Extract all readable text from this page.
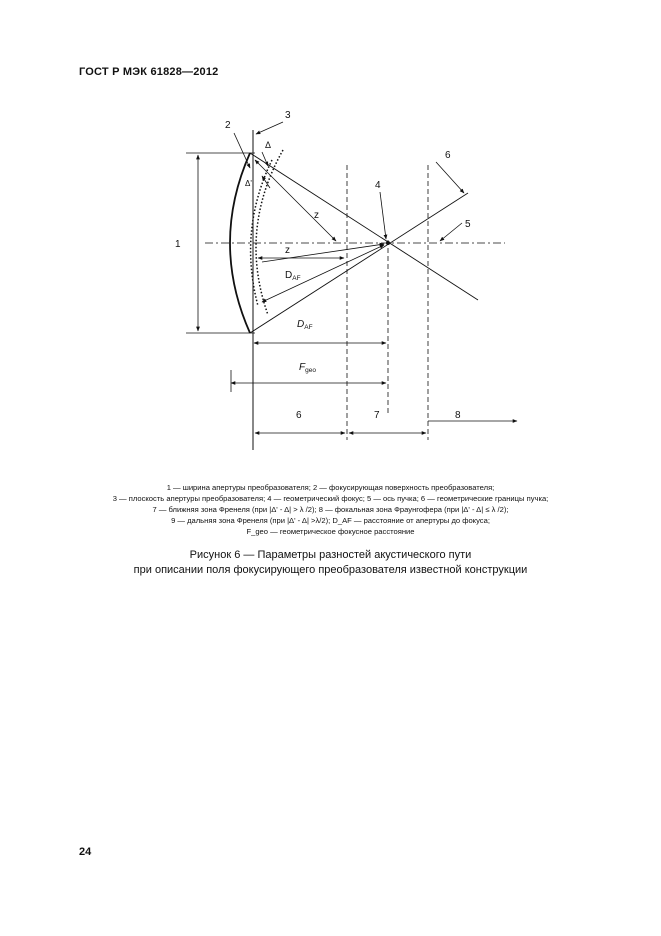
ГОСТ Р МЭК 61828—2012
1
2
3
4
5
6
Δ
Δ'
z
z
$D_{AF}$
$D_{AF}$
$F_{geo}$
6	7	8
1 — ширина апертуры преобразователя; 2 — фокусирующая поверхность преобразователя;
3 — плоскость апертуры преобразователя; 4 — геометрический фокус; 5 — ось пучка; 6 — геометрические границы пучка;
7 — ближняя зона Френеля (при |Δ' - Δ| > λ /2); 8 — фокальная зона Фраунгофера (при |Δ' - Δ| ≤ λ /2);
9 — дальняя зона Френеля (при |Δ' - Δ| >λ/2); D_AF — расстояние от апертуры до фокуса;
F_geo — геометрическое фокусное расстояние
Рисунок 6 — Параметры разностей акустического пути
при описании поля фокусирующего преобразователя известной конструкции
24
